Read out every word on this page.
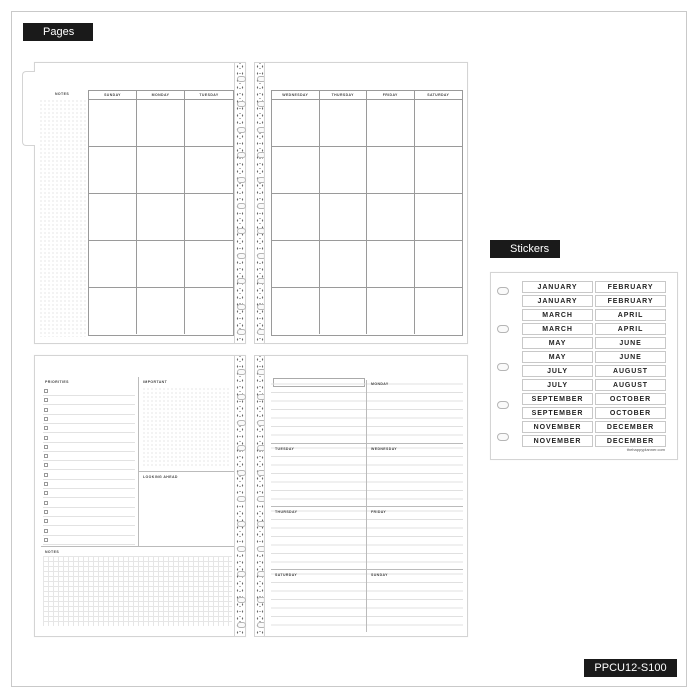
Pages
NOTES	SUNDAY	MONDAY	TUESDAY	WEDNESDAY	THURSDAY	FRIDAY	SATURDAY
PRIORITIES	IMPORTANT
LOOKING AHEAD
NOTES
MONDAY
TUESDAY	WEDNESDAY
THURSDAY	FRIDAY
SATURDAY	SUNDAY
Stickers
JANUARY	FEBRUARY
JANUARY	FEBRUARY
MARCH	APRIL
MARCH	APRIL
MAY	JUNE
MAY	JUNE
JULY	AUGUST
JULY	AUGUST
SEPTEMBER	OCTOBER
SEPTEMBER	OCTOBER
NOVEMBER	DECEMBER
NOVEMBER	DECEMBER
thehappyplanner.com
PPCU12-S100
